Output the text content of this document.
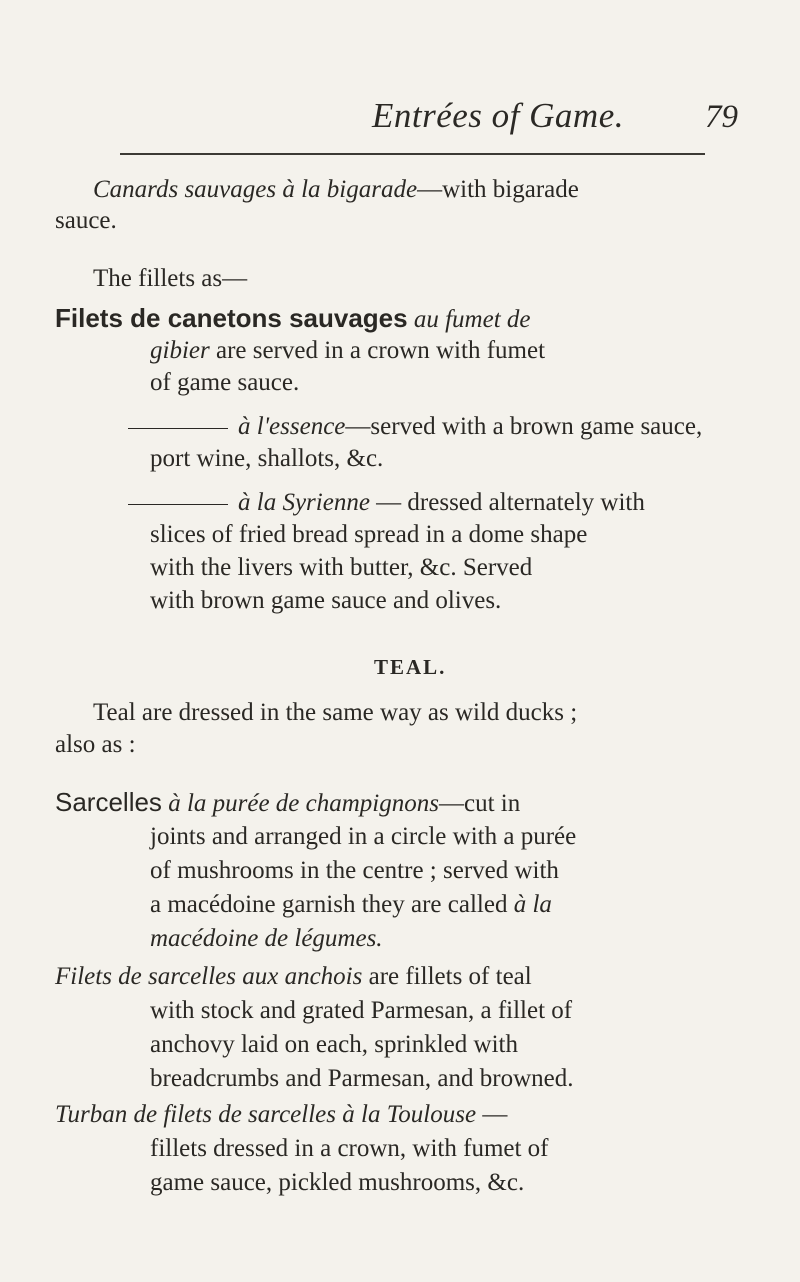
Entrées of Game. 79
Canards sauvages à la bigarade—with bigarade
sauce.
The fillets as—
Filets de canetons sauvages au fumet de
gibier are served in a crown with fumet
of game sauce.
à l'essence—served with a brown game sauce,
port wine, shallots, &c.
à la Syrienne — dressed alternately with
slices of fried bread spread in a dome shape
with the livers with butter, &c. Served
with brown game sauce and olives.
TEAL.
Teal are dressed in the same way as wild ducks ;
also as :
Sarcelles à la purée de champignons—cut in
joints and arranged in a circle with a purée
of mushrooms in the centre ; served with
a macédoine garnish they are called à la
macédoine de légumes.
Filets de sarcelles aux anchois are fillets of teal
with stock and grated Parmesan, a fillet of
anchovy laid on each, sprinkled with
breadcrumbs and Parmesan, and browned.
Turban de filets de sarcelles à la Toulouse —
fillets dressed in a crown, with fumet of
game sauce, pickled mushrooms, &c.
